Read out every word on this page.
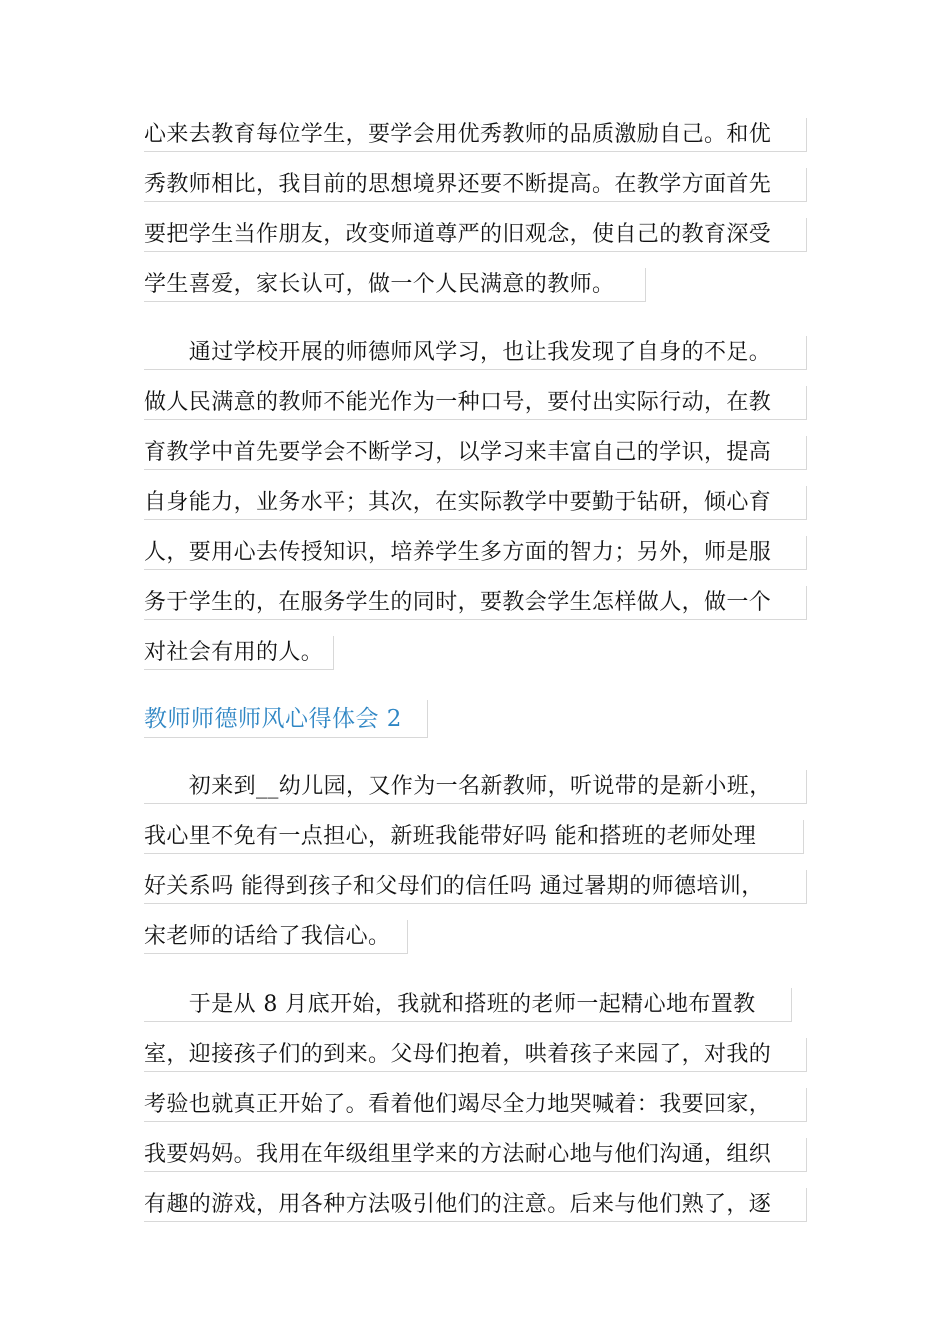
心来去教育每位学生，要学会用优秀教师的品质激励自己。和优
秀教师相比，我目前的思想境界还要不断提高。在教学方面首先
要把学生当作朋友，改变师道尊严的旧观念，使自己的教育深受
学生喜爱，家长认可，做一个人民满意的教师。
　　通过学校开展的师德师风学习，也让我发现了自身的不足。
做人民满意的教师不能光作为一种口号，要付出实际行动，在教
育教学中首先要学会不断学习，以学习来丰富自己的学识，提高
自身能力，业务水平；其次，在实际教学中要勤于钻研，倾心育
人，要用心去传授知识，培养学生多方面的智力；另外，师是服
务于学生的，在服务学生的同时，要教会学生怎样做人，做一个
对社会有用的人。
教师师德师风心得体会 2
　　初来到__幼儿园，又作为一名新教师，听说带的是新小班，
我心里不免有一点担心，新班我能带好吗 能和搭班的老师处理
好关系吗 能得到孩子和父母们的信任吗 通过暑期的师德培训，
宋老师的话给了我信心。
　　于是从 8 月底开始，我就和搭班的老师一起精心地布置教
室，迎接孩子们的到来。父母们抱着，哄着孩子来园了，对我的
考验也就真正开始了。看着他们竭尽全力地哭喊着：我要回家，
我要妈妈。我用在年级组里学来的方法耐心地与他们沟通，组织
有趣的游戏，用各种方法吸引他们的注意。后来与他们熟了，逐
